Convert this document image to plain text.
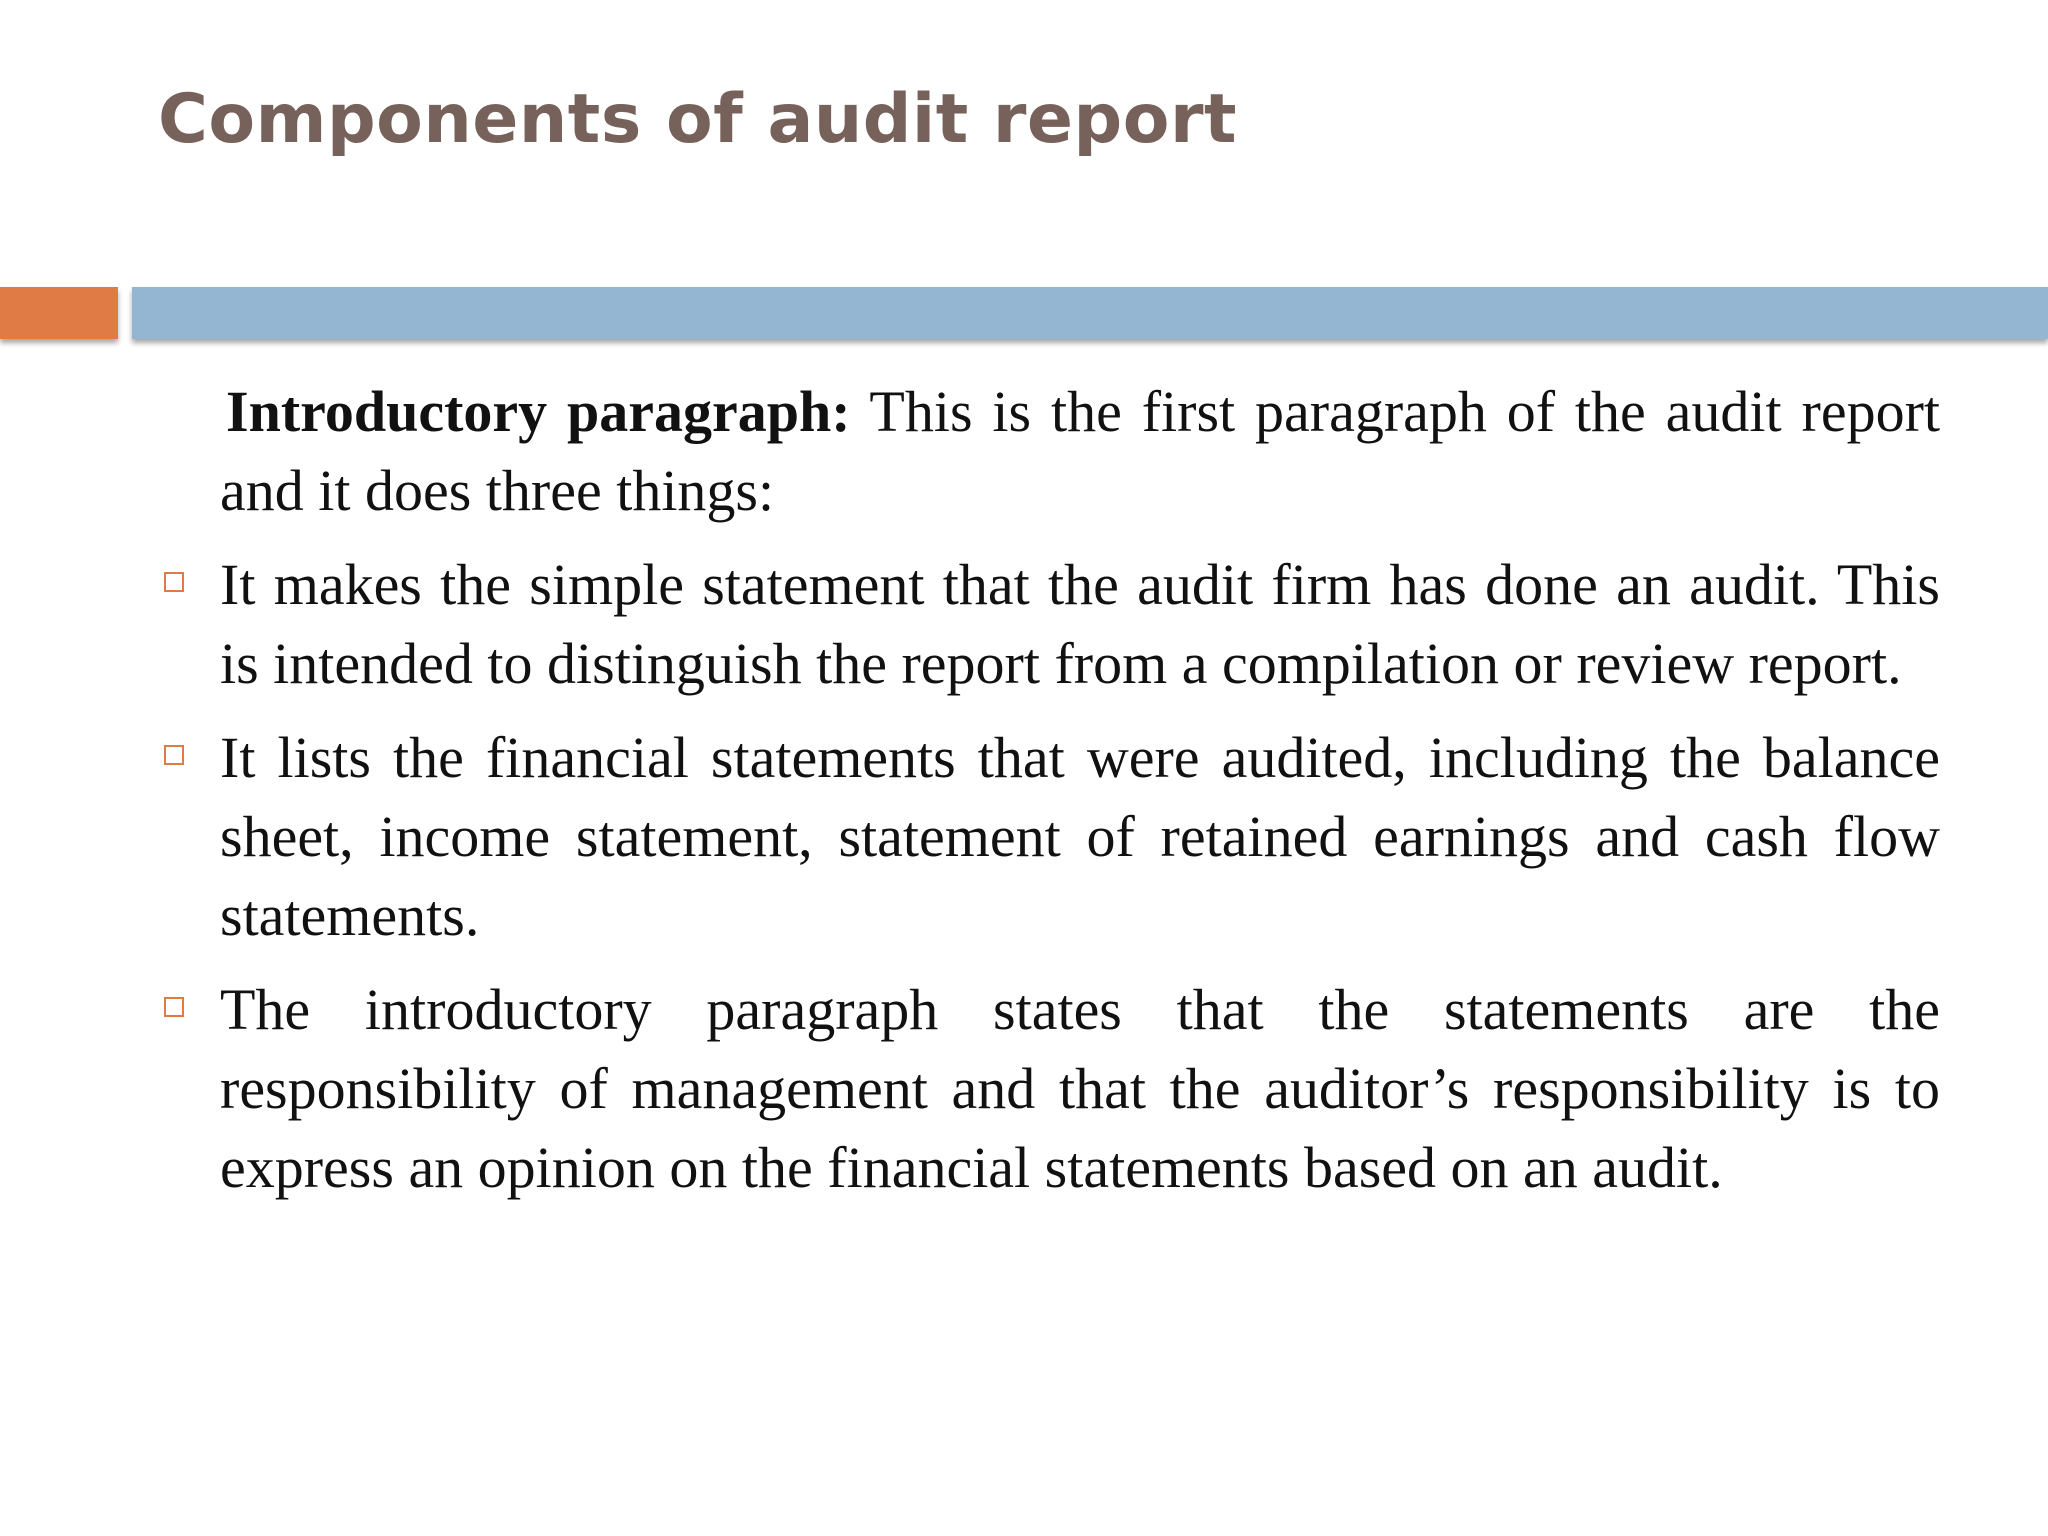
Components of audit report

Introductory paragraph: This is the first paragraph of the audit report and it does three things:

It makes the simple statement that the audit firm has done an audit. This is intended to distinguish the report from a compilation or review report.
It lists the financial statements that were audited, including the balance sheet, income statement, statement of retained earnings and cash flow statements.
The introductory paragraph states that the statements are the responsibility of management and that the auditor’s responsibility is to express an opinion on the financial statements based on an audit.
